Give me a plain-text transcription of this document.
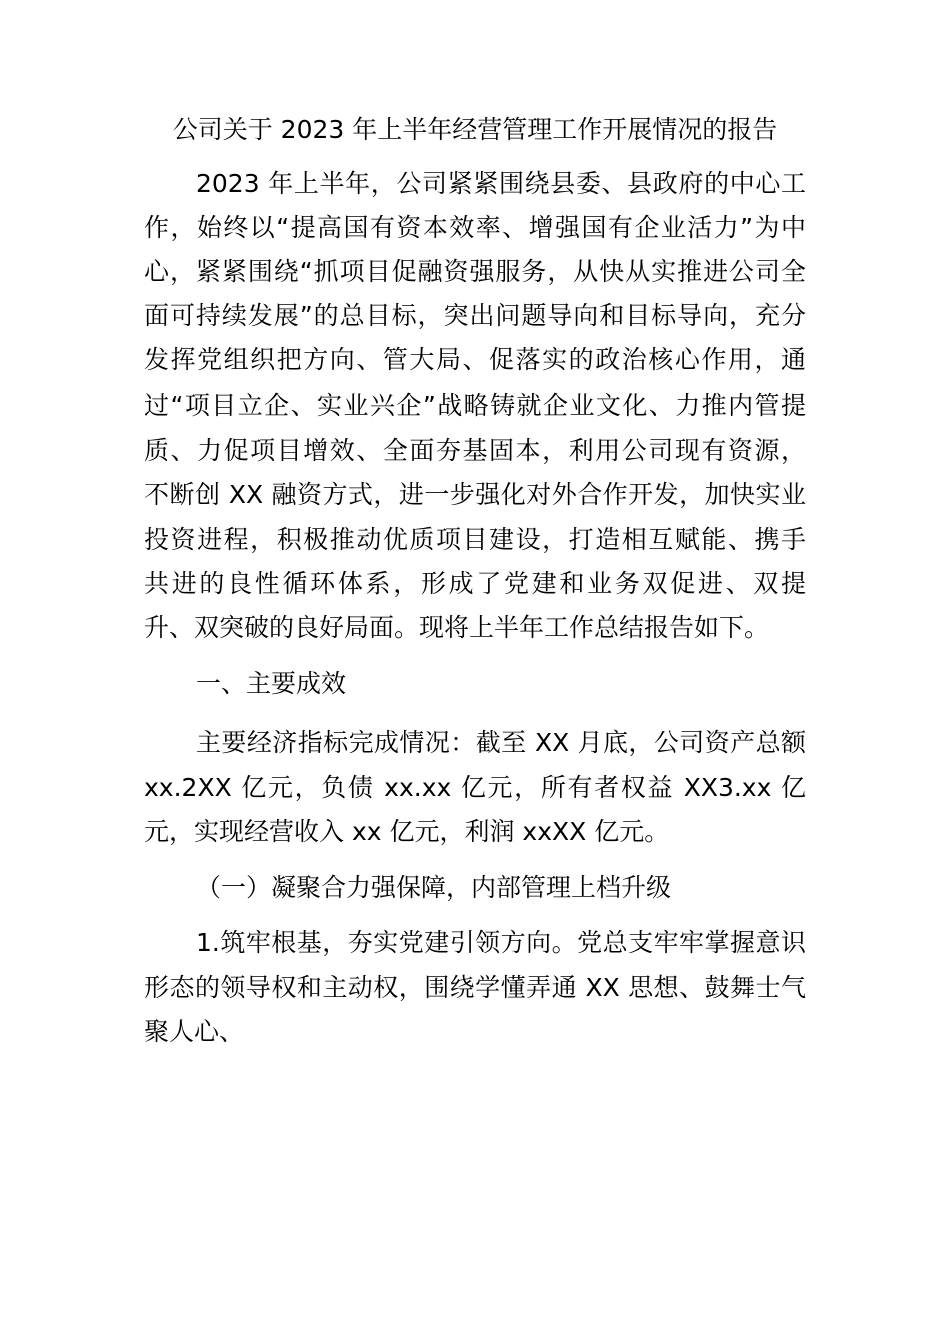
公司关于 2023 年上半年经营管理工作开展情况的报告
2023 年上半年，公司紧紧围绕县委、县政府的中心工
作，始终以“提高国有资本效率、增强国有企业活力”为中
心，紧紧围绕“抓项目促融资强服务，从快从实推进公司全
面可持续发展”的总目标，突出问题导向和目标导向，充分
发挥党组织把方向、管大局、促落实的政治核心作用，通
过“项目立企、实业兴企”战略铸就企业文化、力推内管提
质、力促项目增效、全面夯基固本，利用公司现有资源，
不断创 XX 融资方式，进一步强化对外合作开发，加快实业
投资进程，积极推动优质项目建设，打造相互赋能、携手
共进的良性循环体系，形成了党建和业务双促进、双提
升、双突破的良好局面。现将上半年工作总结报告如下。
一、主要成效
主要经济指标完成情况：截至 XX 月底，公司资产总额
xx.2XX 亿元，负债 xx.xx 亿元，所有者权益 XX3.xx 亿
元，实现经营收入 xx 亿元，利润 xxXX 亿元。
（一）凝聚合力强保障，内部管理上档升级
1.筑牢根基，夯实党建引领方向。党总支牢牢掌握意识
形态的领导权和主动权，围绕学懂弄通 XX 思想、鼓舞士气
聚人心、
